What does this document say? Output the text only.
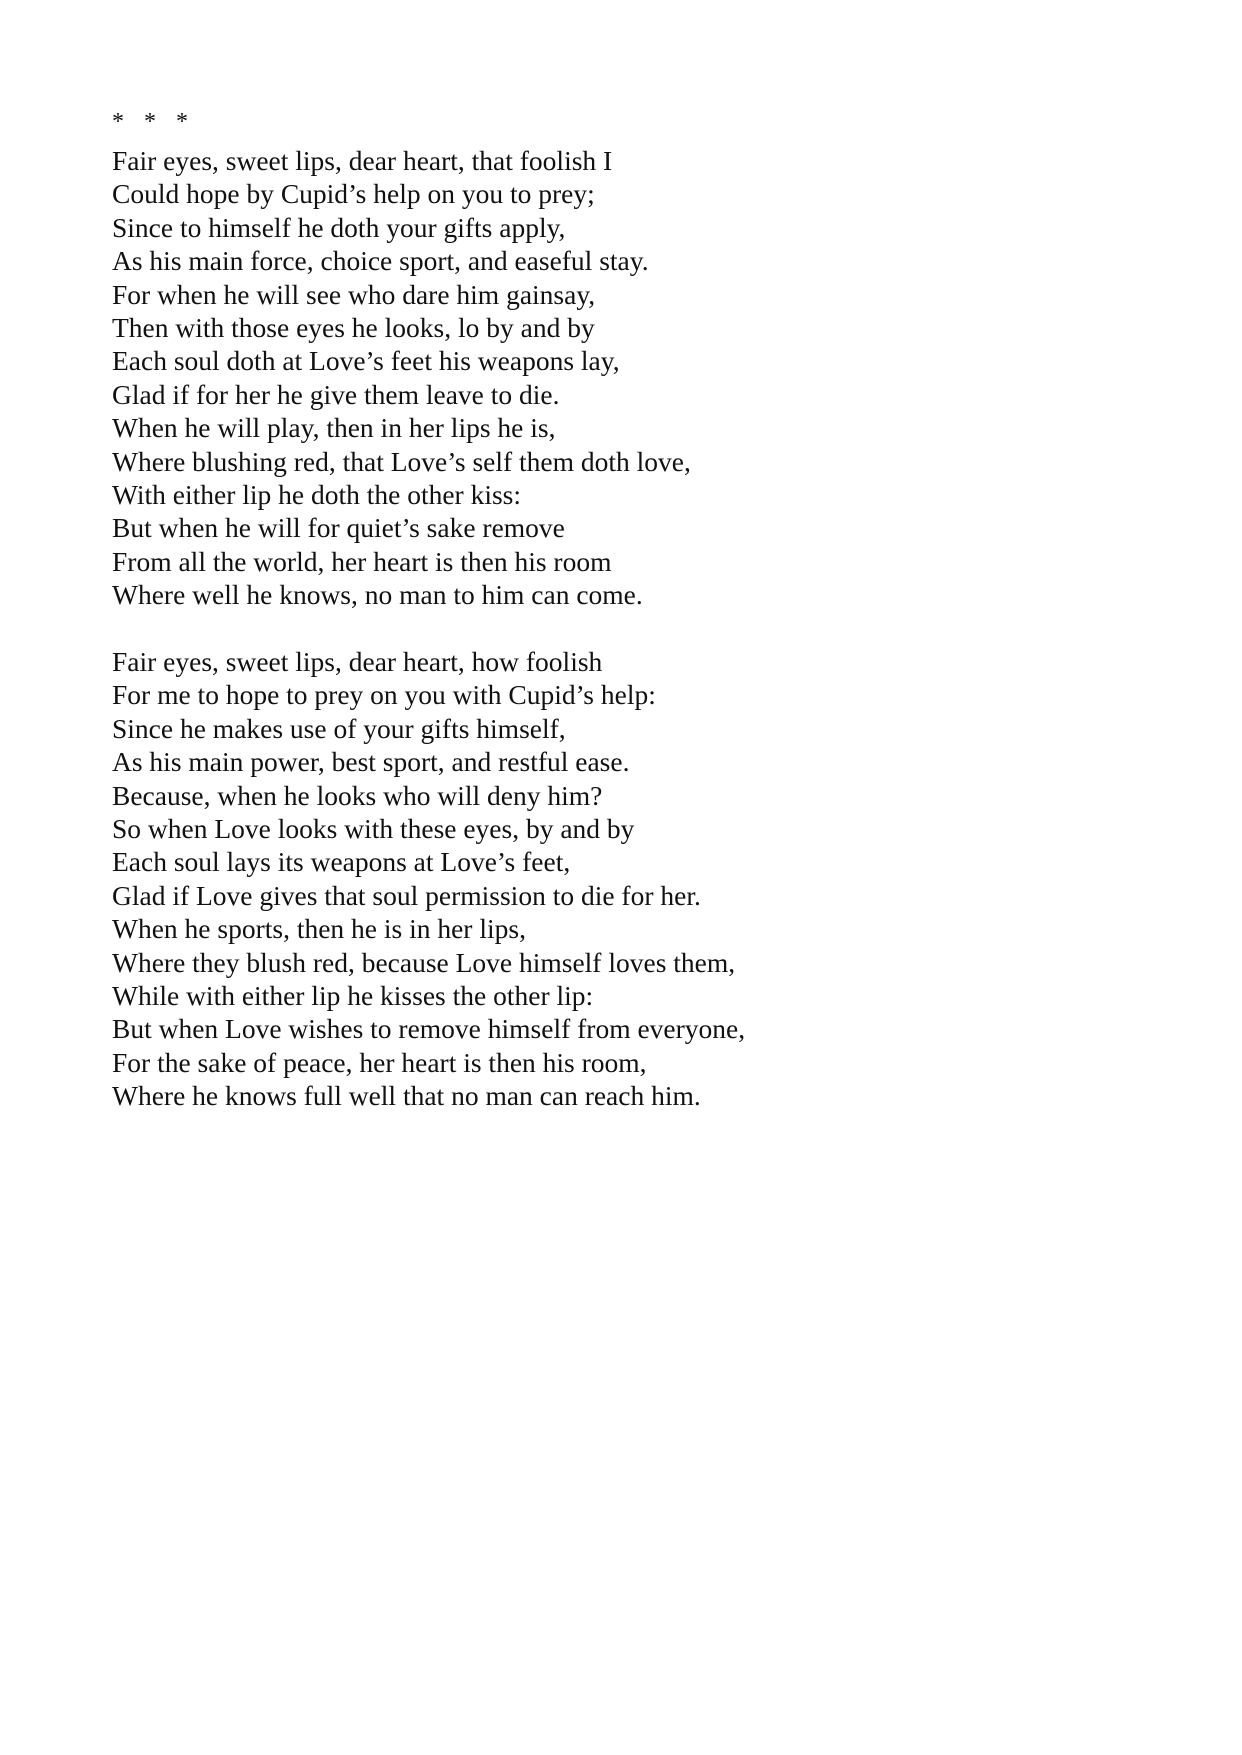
* * *
Fair eyes, sweet lips, dear heart, that foolish I
Could hope by Cupid’s help on you to prey;
Since to himself he doth your gifts apply,
As his main force, choice sport, and easeful stay.
For when he will see who dare him gainsay,
Then with those eyes he looks, lo by and by
Each soul doth at Love’s feet his weapons lay,
Glad if for her he give them leave to die.
When he will play, then in her lips he is,
Where blushing red, that Love’s self them doth love,
With either lip he doth the other kiss:
But when he will for quiet’s sake remove
From all the world, her heart is then his room
Where well he knows, no man to him can come.
Fair eyes, sweet lips, dear heart, how foolish
For me to hope to prey on you with Cupid’s help:
Since he makes use of your gifts himself,
As his main power, best sport, and restful ease.
Because, when he looks who will deny him?
So when Love looks with these eyes, by and by
Each soul lays its weapons at Love’s feet,
Glad if Love gives that soul permission to die for her.
When he sports, then he is in her lips,
Where they blush red, because Love himself loves them,
While with either lip he kisses the other lip:
But when Love wishes to remove himself from everyone,
For the sake of peace, her heart is then his room,
Where he knows full well that no man can reach him.
